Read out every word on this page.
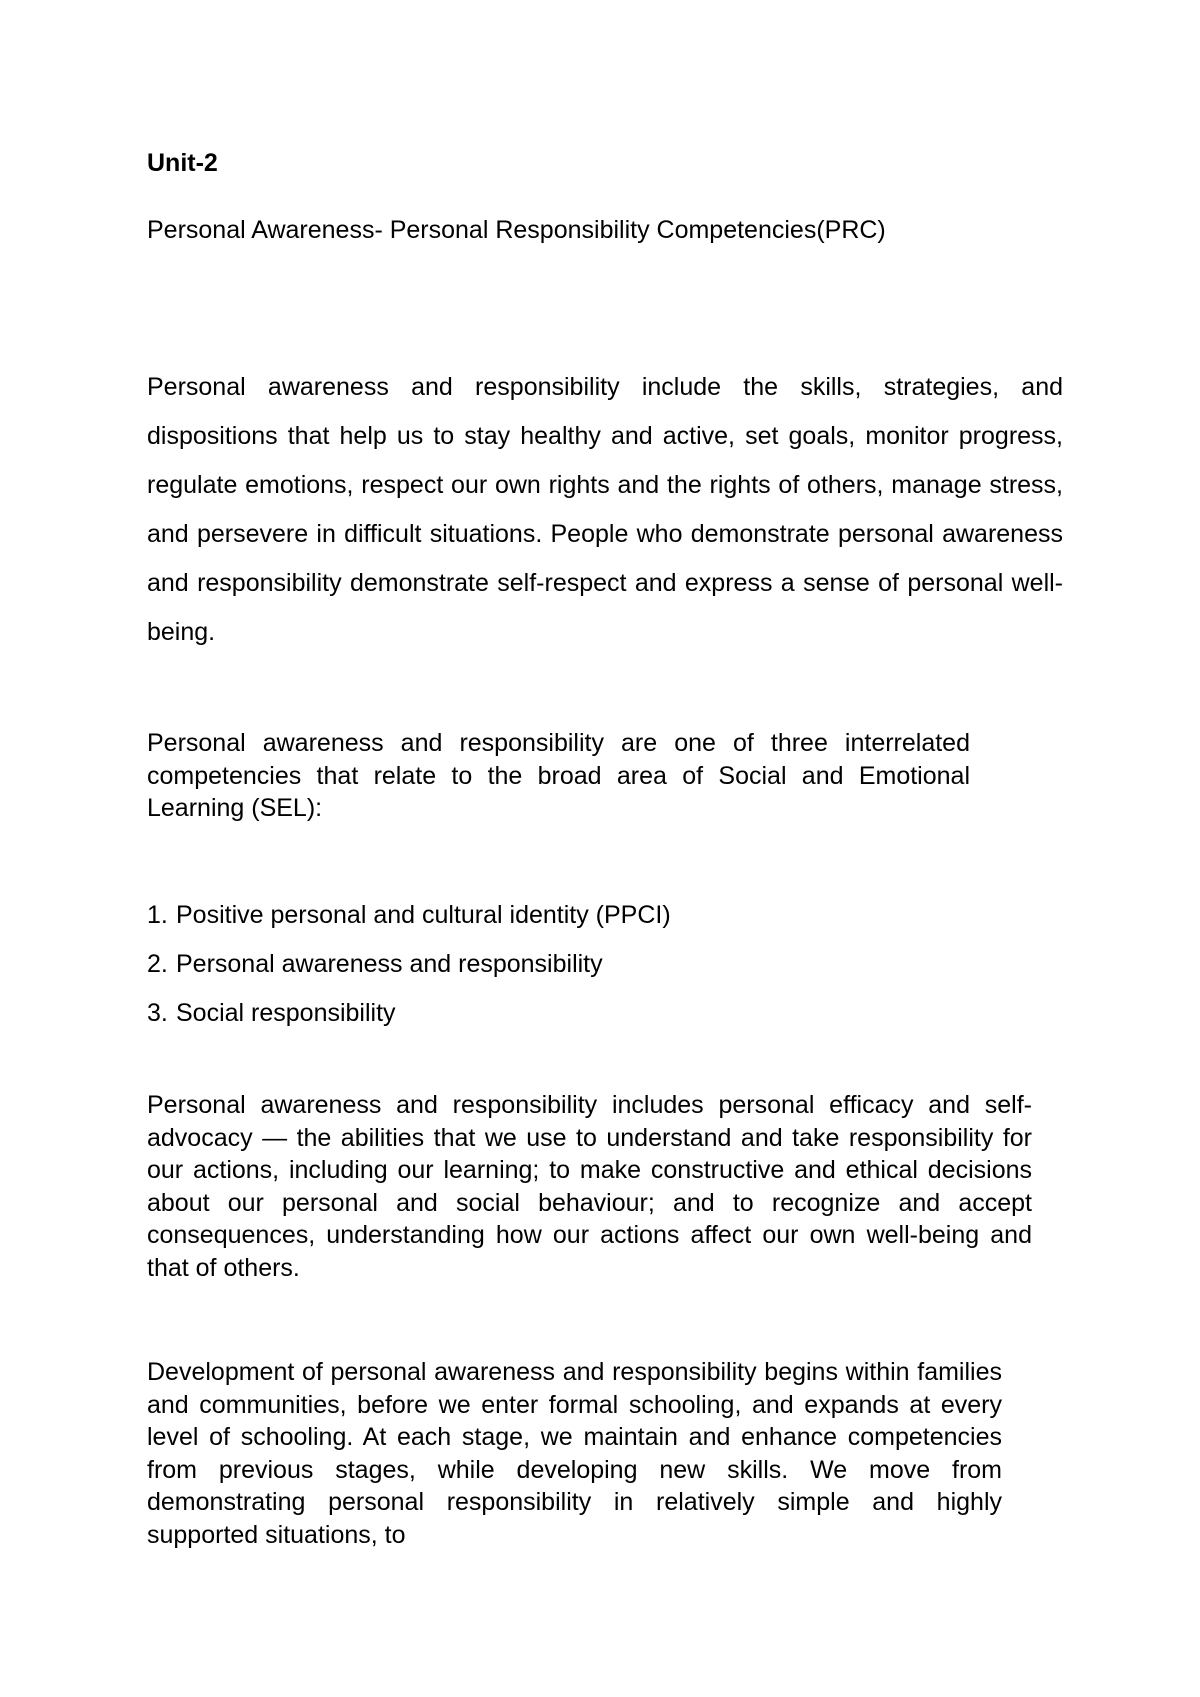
Unit-2

Personal Awareness- Personal Responsibility Competencies(PRC)

Personal awareness and responsibility include the skills, strategies, and dispositions that help us to stay healthy and active, set goals, monitor progress, regulate emotions, respect our own rights and the rights of others, manage stress, and persevere in difficult situations. People who demonstrate personal awareness and responsibility demonstrate self-respect and express a sense of personal well-being.

Personal awareness and responsibility are one of three interrelated competencies that relate to the broad area of Social and Emotional Learning (SEL):

1. Positive personal and cultural identity (PPCI)
2. Personal awareness and responsibility
3. Social responsibility

Personal awareness and responsibility includes personal efficacy and self-advocacy — the abilities that we use to understand and take responsibility for our actions, including our learning; to make constructive and ethical decisions about our personal and social behaviour; and to recognize and accept consequences, understanding how our actions affect our own well-being and that of others.

Development of personal awareness and responsibility begins within families and communities, before we enter formal schooling, and expands at every level of schooling. At each stage, we maintain and enhance competencies from previous stages, while developing new skills. We move from demonstrating personal responsibility in relatively simple and highly supported situations, to
